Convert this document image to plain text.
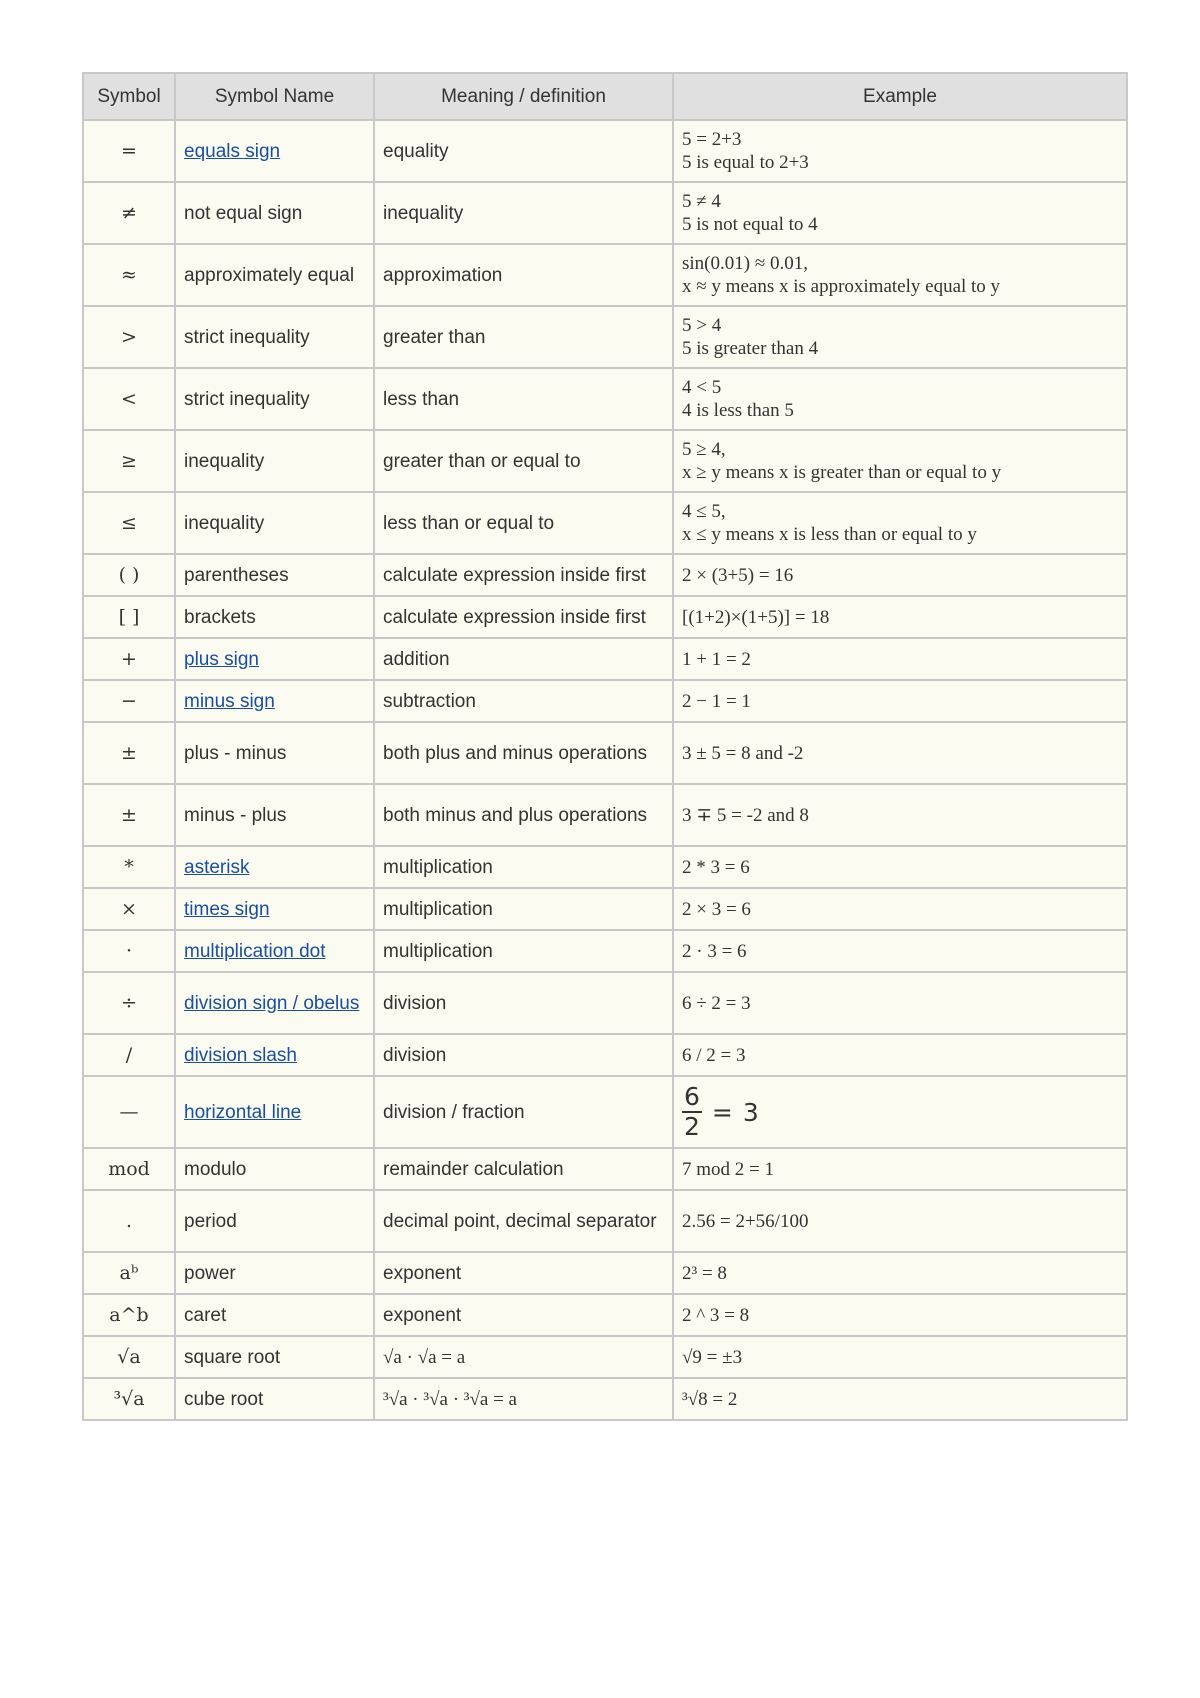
Symbol	Symbol Name	Meaning / definition	Example
=	equals sign	equality	5 = 2+3
5 is equal to 2+3

≠	not equal sign	inequality	5 ≠ 4
5 is not equal to 4

≈	approximately equal	approximation	sin(0.01) ≈ 0.01,
x ≈ y means x is approximately equal to y

>	strict inequality	greater than	5 > 4
5 is greater than 4

<	strict inequality	less than	4 < 5
4 is less than 5

≥	inequality	greater than or equal to	5 ≥ 4,
x ≥ y means x is greater than or equal to y

≤	inequality	less than or equal to	4 ≤ 5,
x ≤ y means x is less than or equal to y

( )	parentheses	calculate expression inside first	2 × (3+5) = 16

[ ]	brackets	calculate expression inside first	[(1+2)×(1+5)] = 18

+	plus sign	addition	1 + 1 = 2

−	minus sign	subtraction	2 − 1 = 1

±	plus - minus	both plus and minus operations	3 ± 5 = 8 and -2

±	minus - plus	both minus and plus operations	3 ∓ 5 = -2 and 8

*	asterisk	multiplication	2 * 3 = 6

×	times sign	multiplication	2 × 3 = 6

·	multiplication dot	multiplication	2 · 3 = 6

÷	division sign / obelus	division	6 ÷ 2 = 3

/	division slash	division	6 / 2 = 3

—	horizontal line	division / fraction	$\frac{6}{2} = 3$

mod	modulo	remainder calculation	7 mod 2 = 1

.	period	decimal point, decimal separator	2.56 = 2+56/100

aᵇ	power	exponent	2³ = 8

a^b	caret	exponent	2 ^ 3 = 8

√a	square root	√a · √a = a	√9 = ±3

³√a	cube root	³√a · ³√a · ³√a = a	³√8 = 2
